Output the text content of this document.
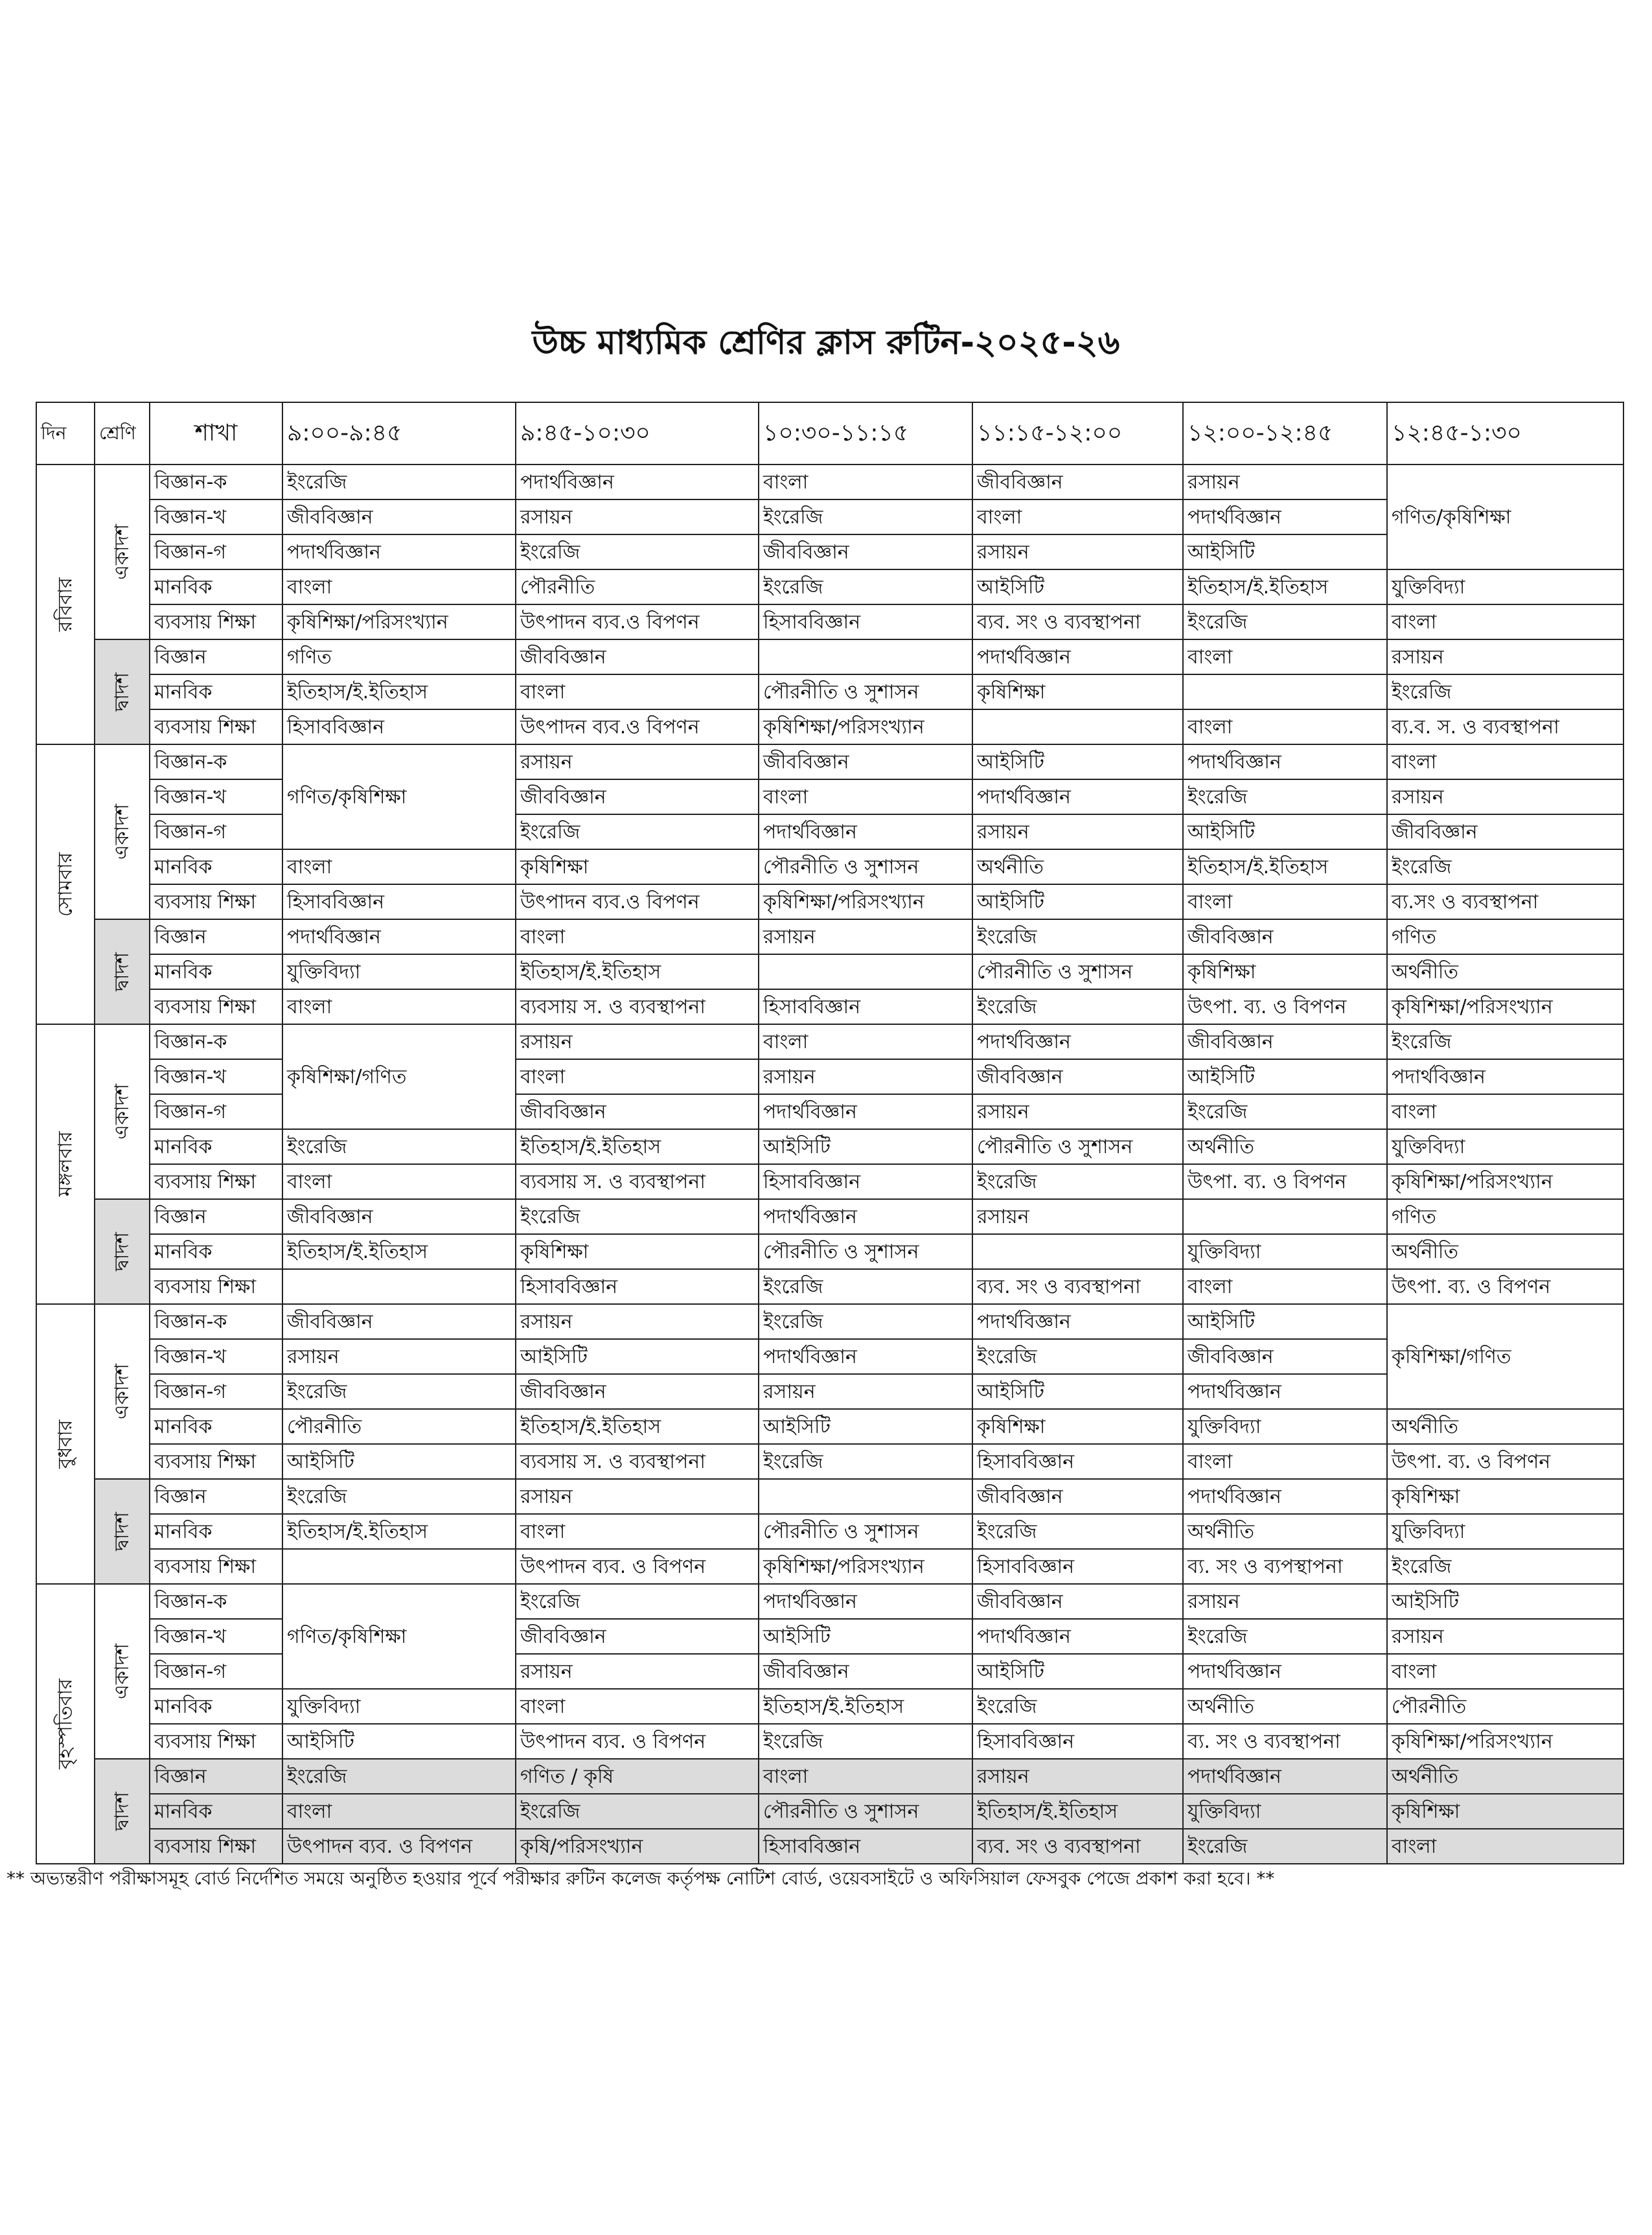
উচ্চ মাধ্যমিক শ্রেণির ক্লাস রুটিন-২০২৫-২৬
দিন	শ্রেণি	শাখা	৯:০০-৯:৪৫	৯:৪৫-১০:৩০	১০:৩০-১১:১৫	১১:১৫-১২:০০	১২:০০-১২:৪৫	১২:৪৫-১:৩০
রবিবার	একাদশ	বিজ্ঞান-ক	ইংরেজি	পদার্থবিজ্ঞান	বাংলা	জীববিজ্ঞান	রসায়ন	গণিত/কৃষিশিক্ষা
		বিজ্ঞান-খ	জীববিজ্ঞান	রসায়ন	ইংরেজি	বাংলা	পদার্থবিজ্ঞান	
		বিজ্ঞান-গ	পদার্থবিজ্ঞান	ইংরেজি	জীববিজ্ঞান	রসায়ন	আইসিটি	
		মানবিক	বাংলা	পৌরনীতি	ইংরেজি	আইসিটি	ইতিহাস/ই.ইতিহাস	যুক্তিবিদ্যা
		ব্যবসায় শিক্ষা	কৃষিশিক্ষা/পরিসংখ্যান	উৎপাদন ব্যব.ও বিপণন	হিসাববিজ্ঞান	ব্যব. সং ও ব্যবস্থাপনা	ইংরেজি	বাংলা
	দ্বাদশ	বিজ্ঞান	গণিত	জীববিজ্ঞান		পদার্থবিজ্ঞান	বাংলা	রসায়ন
		মানবিক	ইতিহাস/ই.ইতিহাস	বাংলা	পৌরনীতি ও সুশাসন	কৃষিশিক্ষা		ইংরেজি
		ব্যবসায় শিক্ষা	হিসাববিজ্ঞান	উৎপাদন ব্যব.ও বিপণন	কৃষিশিক্ষা/পরিসংখ্যান		বাংলা	ব্য.ব. স. ও ব্যবস্থাপনা
সোমবার	একাদশ	বিজ্ঞান-ক	গণিত/কৃষিশিক্ষা	রসায়ন	জীববিজ্ঞান	আইসিটি	পদার্থবিজ্ঞান	বাংলা
		বিজ্ঞান-খ		জীববিজ্ঞান	বাংলা	পদার্থবিজ্ঞান	ইংরেজি	রসায়ন
		বিজ্ঞান-গ		ইংরেজি	পদার্থবিজ্ঞান	রসায়ন	আইসিটি	জীববিজ্ঞান
		মানবিক	বাংলা	কৃষিশিক্ষা	পৌরনীতি ও সুশাসন	অর্থনীতি	ইতিহাস/ই.ইতিহাস	ইংরেজি
		ব্যবসায় শিক্ষা	হিসাববিজ্ঞান	উৎপাদন ব্যব.ও বিপণন	কৃষিশিক্ষা/পরিসংখ্যান	আইসিটি	বাংলা	ব্য.সং ও ব্যবস্থাপনা
	দ্বাদশ	বিজ্ঞান	পদার্থবিজ্ঞান	বাংলা	রসায়ন	ইংরেজি	জীববিজ্ঞান	গণিত
		মানবিক	যুক্তিবিদ্যা	ইতিহাস/ই.ইতিহাস		পৌরনীতি ও সুশাসন	কৃষিশিক্ষা	অর্থনীতি
		ব্যবসায় শিক্ষা	বাংলা	ব্যবসায় স. ও ব্যবস্থাপনা	হিসাববিজ্ঞান	ইংরেজি	উৎপা. ব্য. ও বিপণন	কৃষিশিক্ষা/পরিসংখ্যান
মঙ্গলবার	একাদশ	বিজ্ঞান-ক	কৃষিশিক্ষা/গণিত	রসায়ন	বাংলা	পদার্থবিজ্ঞান	জীববিজ্ঞান	ইংরেজি
		বিজ্ঞান-খ		বাংলা	রসায়ন	জীববিজ্ঞান	আইসিটি	পদার্থবিজ্ঞান
		বিজ্ঞান-গ		জীববিজ্ঞান	পদার্থবিজ্ঞান	রসায়ন	ইংরেজি	বাংলা
		মানবিক	ইংরেজি	ইতিহাস/ই.ইতিহাস	আইসিটি	পৌরনীতি ও সুশাসন	অর্থনীতি	যুক্তিবিদ্যা
		ব্যবসায় শিক্ষা	বাংলা	ব্যবসায় স. ও ব্যবস্থাপনা	হিসাববিজ্ঞান	ইংরেজি	উৎপা. ব্য. ও বিপণন	কৃষিশিক্ষা/পরিসংখ্যান
	দ্বাদশ	বিজ্ঞান	জীববিজ্ঞান	ইংরেজি	পদার্থবিজ্ঞান	রসায়ন		গণিত
		মানবিক	ইতিহাস/ই.ইতিহাস	কৃষিশিক্ষা	পৌরনীতি ও সুশাসন		যুক্তিবিদ্যা	অর্থনীতি
		ব্যবসায় শিক্ষা		হিসাববিজ্ঞান	ইংরেজি	ব্যব. সং ও ব্যবস্থাপনা	বাংলা	উৎপা. ব্য. ও বিপণন
বুধবার	একাদশ	বিজ্ঞান-ক	জীববিজ্ঞান	রসায়ন	ইংরেজি	পদার্থবিজ্ঞান	আইসিটি	কৃষিশিক্ষা/গণিত
		বিজ্ঞান-খ	রসায়ন	আইসিটি	পদার্থবিজ্ঞান	ইংরেজি	জীববিজ্ঞান	
		বিজ্ঞান-গ	ইংরেজি	জীববিজ্ঞান	রসায়ন	আইসিটি	পদার্থবিজ্ঞান	
		মানবিক	পৌরনীতি	ইতিহাস/ই.ইতিহাস	আইসিটি	কৃষিশিক্ষা	যুক্তিবিদ্যা	অর্থনীতি
		ব্যবসায় শিক্ষা	আইসিটি	ব্যবসায় স. ও ব্যবস্থাপনা	ইংরেজি	হিসাববিজ্ঞান	বাংলা	উৎপা. ব্য. ও বিপণন
	দ্বাদশ	বিজ্ঞান	ইংরেজি	রসায়ন		জীববিজ্ঞান	পদার্থবিজ্ঞান	কৃষিশিক্ষা
		মানবিক	ইতিহাস/ই.ইতিহাস	বাংলা	পৌরনীতি ও সুশাসন	ইংরেজি	অর্থনীতি	যুক্তিবিদ্যা
		ব্যবসায় শিক্ষা		উৎপাদন ব্যব. ও বিপণন	কৃষিশিক্ষা/পরিসংখ্যান	হিসাববিজ্ঞান	ব্য. সং ও ব্যপস্থাপনা	ইংরেজি
বৃহস্পতিবার	একাদশ	বিজ্ঞান-ক	গণিত/কৃষিশিক্ষা	ইংরেজি	পদার্থবিজ্ঞান	জীববিজ্ঞান	রসায়ন	আইসিটি
		বিজ্ঞান-খ		জীববিজ্ঞান	আইসিটি	পদার্থবিজ্ঞান	ইংরেজি	রসায়ন
		বিজ্ঞান-গ		রসায়ন	জীববিজ্ঞান	আইসিটি	পদার্থবিজ্ঞান	বাংলা
		মানবিক	যুক্তিবিদ্যা	বাংলা	ইতিহাস/ই.ইতিহাস	ইংরেজি	অর্থনীতি	পৌরনীতি
		ব্যবসায় শিক্ষা	আইসিটি	উৎপাদন ব্যব. ও বিপণন	ইংরেজি	হিসাববিজ্ঞান	ব্য. সং ও ব্যবস্থাপনা	কৃষিশিক্ষা/পরিসংখ্যান
	দ্বাদশ	বিজ্ঞান	ইংরেজি	গণিত / কৃষি	বাংলা	রসায়ন	পদার্থবিজ্ঞান	অর্থনীতি
		মানবিক	বাংলা	ইংরেজি	পৌরনীতি ও সুশাসন	ইতিহাস/ই.ইতিহাস	যুক্তিবিদ্যা	কৃষিশিক্ষা
		ব্যবসায় শিক্ষা	উৎপাদন ব্যব. ও বিপণন	কৃষি/পরিসংখ্যান	হিসাববিজ্ঞান	ব্যব. সং ও ব্যবস্থাপনা	ইংরেজি	বাংলা
** অভ্যন্তরীণ পরীক্ষাসমূহ বোর্ড নির্দেশিত সময়ে অনুষ্ঠিত হওয়ার পূর্বে পরীক্ষার রুটিন কলেজ কর্তৃপক্ষ নোটিশ বোর্ড, ওয়েবসাইটে ও অফিসিয়াল ফেসবুক পেজে প্রকাশ করা হবে। **
